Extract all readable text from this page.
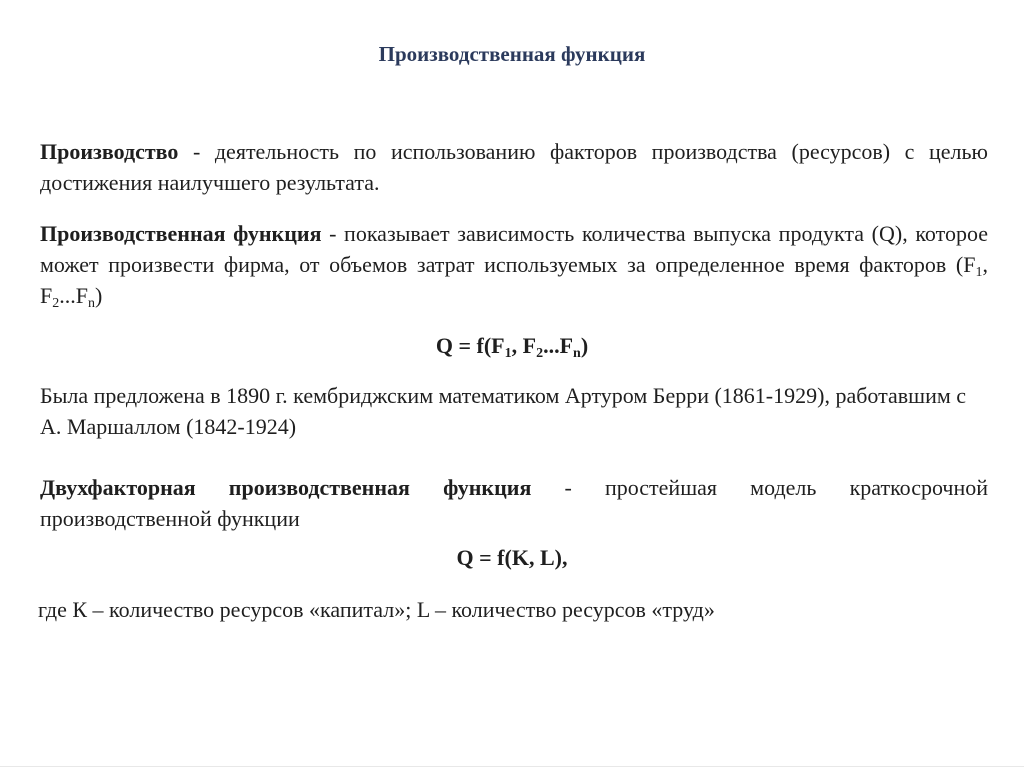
Производственная функция
Производство - деятельность по использованию факторов производства (ресурсов) с целью достижения наилучшего результата.
Производственная функция - показывает зависимость количества выпуска продукта (Q), которое может произвести фирма, от объемов затрат используемых за определенное время факторов ($F_1$, $F_2...F_n$)
$Q = f(F_1$, $F_2...F_n$)
Была предложена в 1890 г. кембриджским математиком Артуром Берри (1861-1929), работавшим с А. Маршаллом (1842-1924)
Двухфакторная производственная функция - простейшая модель краткосрочной производственной функции
Q = f(K, L),
где К – количество ресурсов «капитал»; L – количество ресурсов «труд»
